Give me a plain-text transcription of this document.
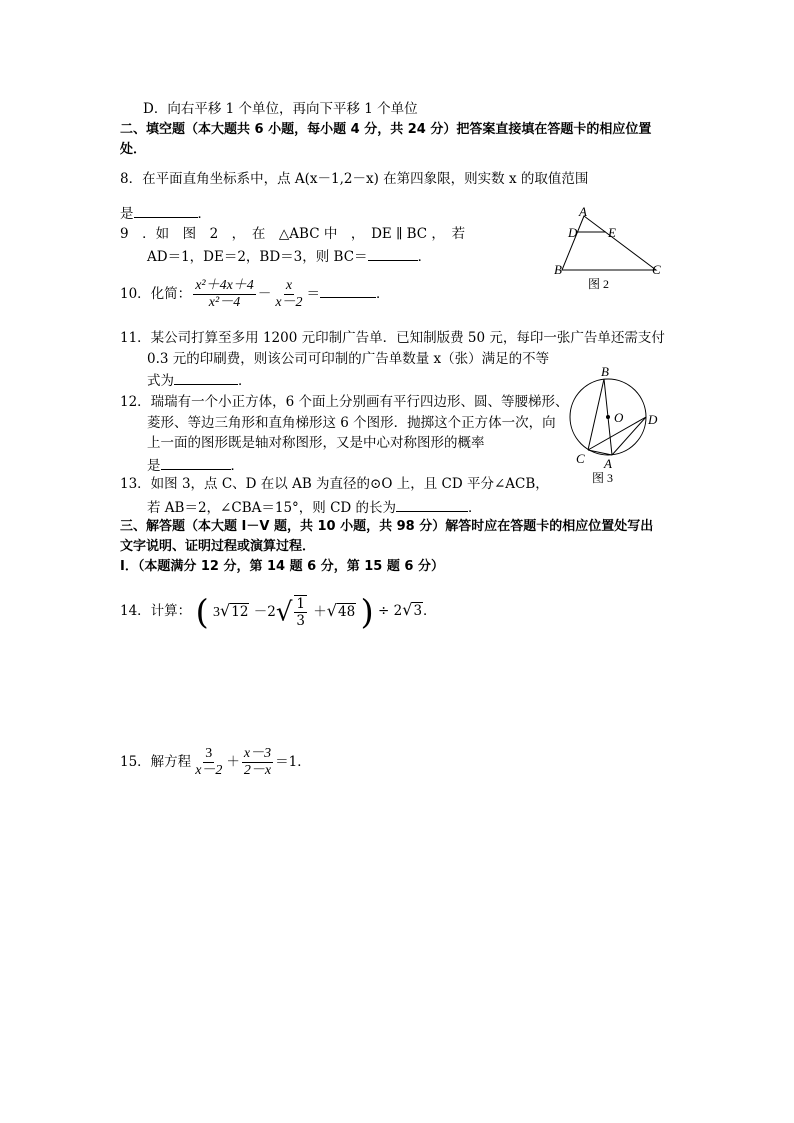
D．向右平移 1 个单位，再向下平移 1 个单位
二、填空题（本大题共 6 小题，每小题 4 分，共 24 分）把答案直接填在答题卡的相应位置
处．
8．在平面直角坐标系中，点 A(x－1,2－x) 在第四象限，则实数 x 的取值范围
是	．
9　．如　图　2　，　在　△ABC 中　，　DE ∥ BC ，　若
AD＝1，DE＝2，BD＝3，则 BC＝	．
10．化简： $\frac{\text{x²＋4x＋4}}{\text{x²－4}} - \frac{x}{x-2}$ ＝	．
11．某公司打算至多用 1200 元印制广告单．已知制版费 50 元，每印一张广告单还需支付
0.3 元的印刷费，则该公司可印制的广告单数量 x（张）满足的不等
式为	．
12．瑞瑞有一个小正方体，6 个面上分别画有平行四边形、圆、等腰梯形、
菱形、等边三角形和直角梯形这 6 个图形．抛掷这个正方体一次，向
上一面的图形既是轴对称图形，又是中心对称图形的概率
是	．
13．如图 3，点 C、D 在以 AB 为直径的⊙O 上，且 CD 平分∠ACB，
若 AB＝2，∠CBA＝15°，则 CD 的长为	．
三、解答题（本大题 Ⅰ－Ⅴ 题，共 10 小题，共 98 分）解答时应在答题卡的相应位置处写出
文字说明、证明过程或演算过程．
Ⅰ．（本题满分 12 分，第 14 题 6 分，第 15 题 6 分）
14．计算： ( $3√12 -2√ \frac{1}{3} +√48$ ) ÷ 2√3．
15．解方程 $\frac{3}{x-2} + \frac{x-3}{2-x} =1$．
A
D E
B	C
图 2
B
O D
C A
图 3
